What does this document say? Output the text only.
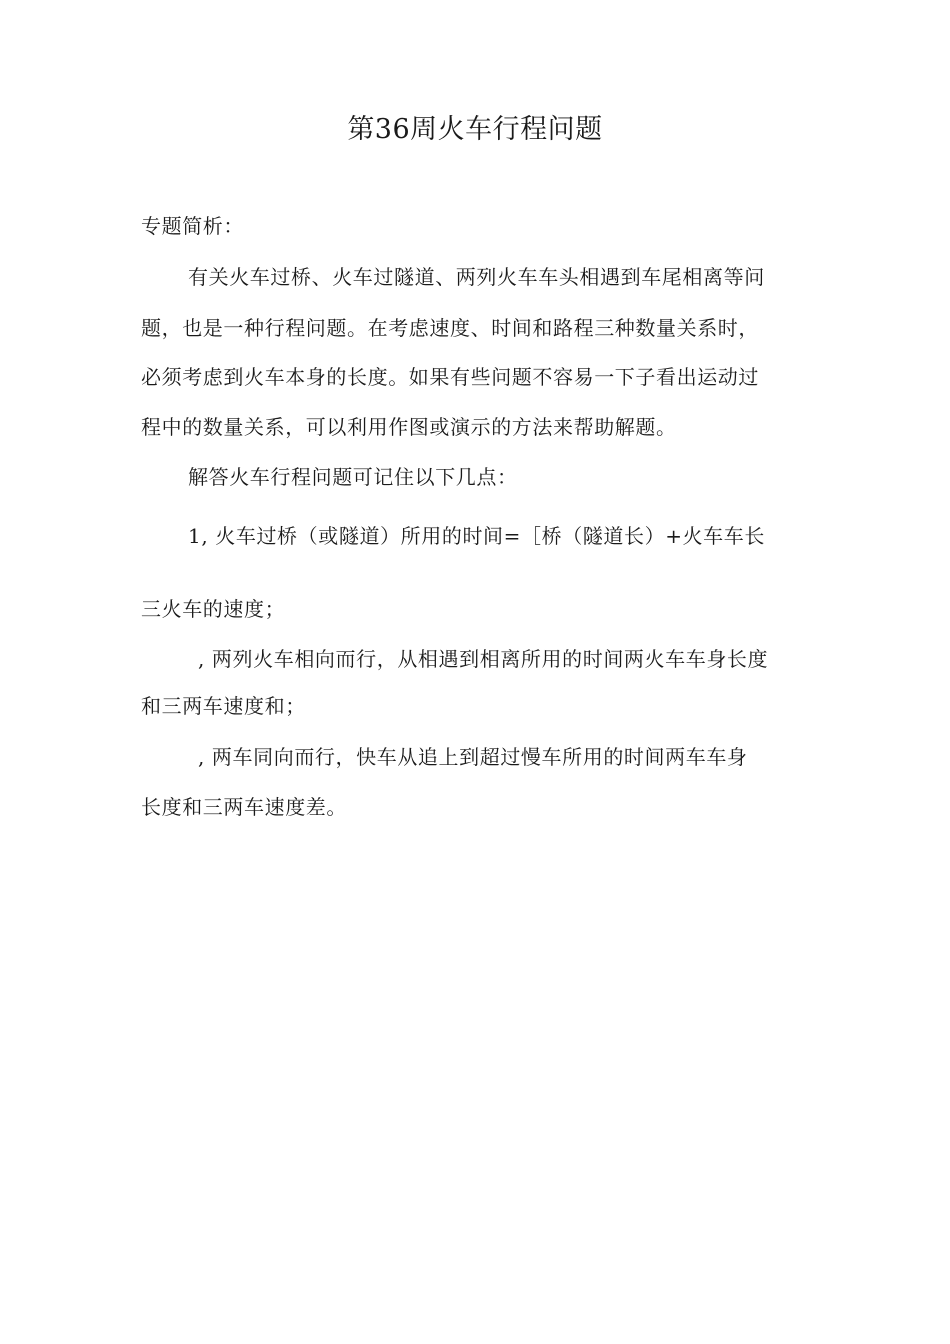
第36周火车行程问题
专题简析：
有关火车过桥、火车过隧道、两列火车车头相遇到车尾相离等问
题，也是一种行程问题。在考虑速度、时间和路程三种数量关系时，
必须考虑到火车本身的长度。如果有些问题不容易一下子看出运动过
程中的数量关系，可以利用作图或演示的方法来帮助解题。
解答火车行程问题可记住以下几点：
1, 火车过桥（或隧道）所用的时间=［桥（隧道长）+火车车长
三火车的速度；
, 两列火车相向而行，从相遇到相离所用的时间两火车车身长度
和三两车速度和；
, 两车同向而行，快车从追上到超过慢车所用的时间两车车身
长度和三两车速度差。
